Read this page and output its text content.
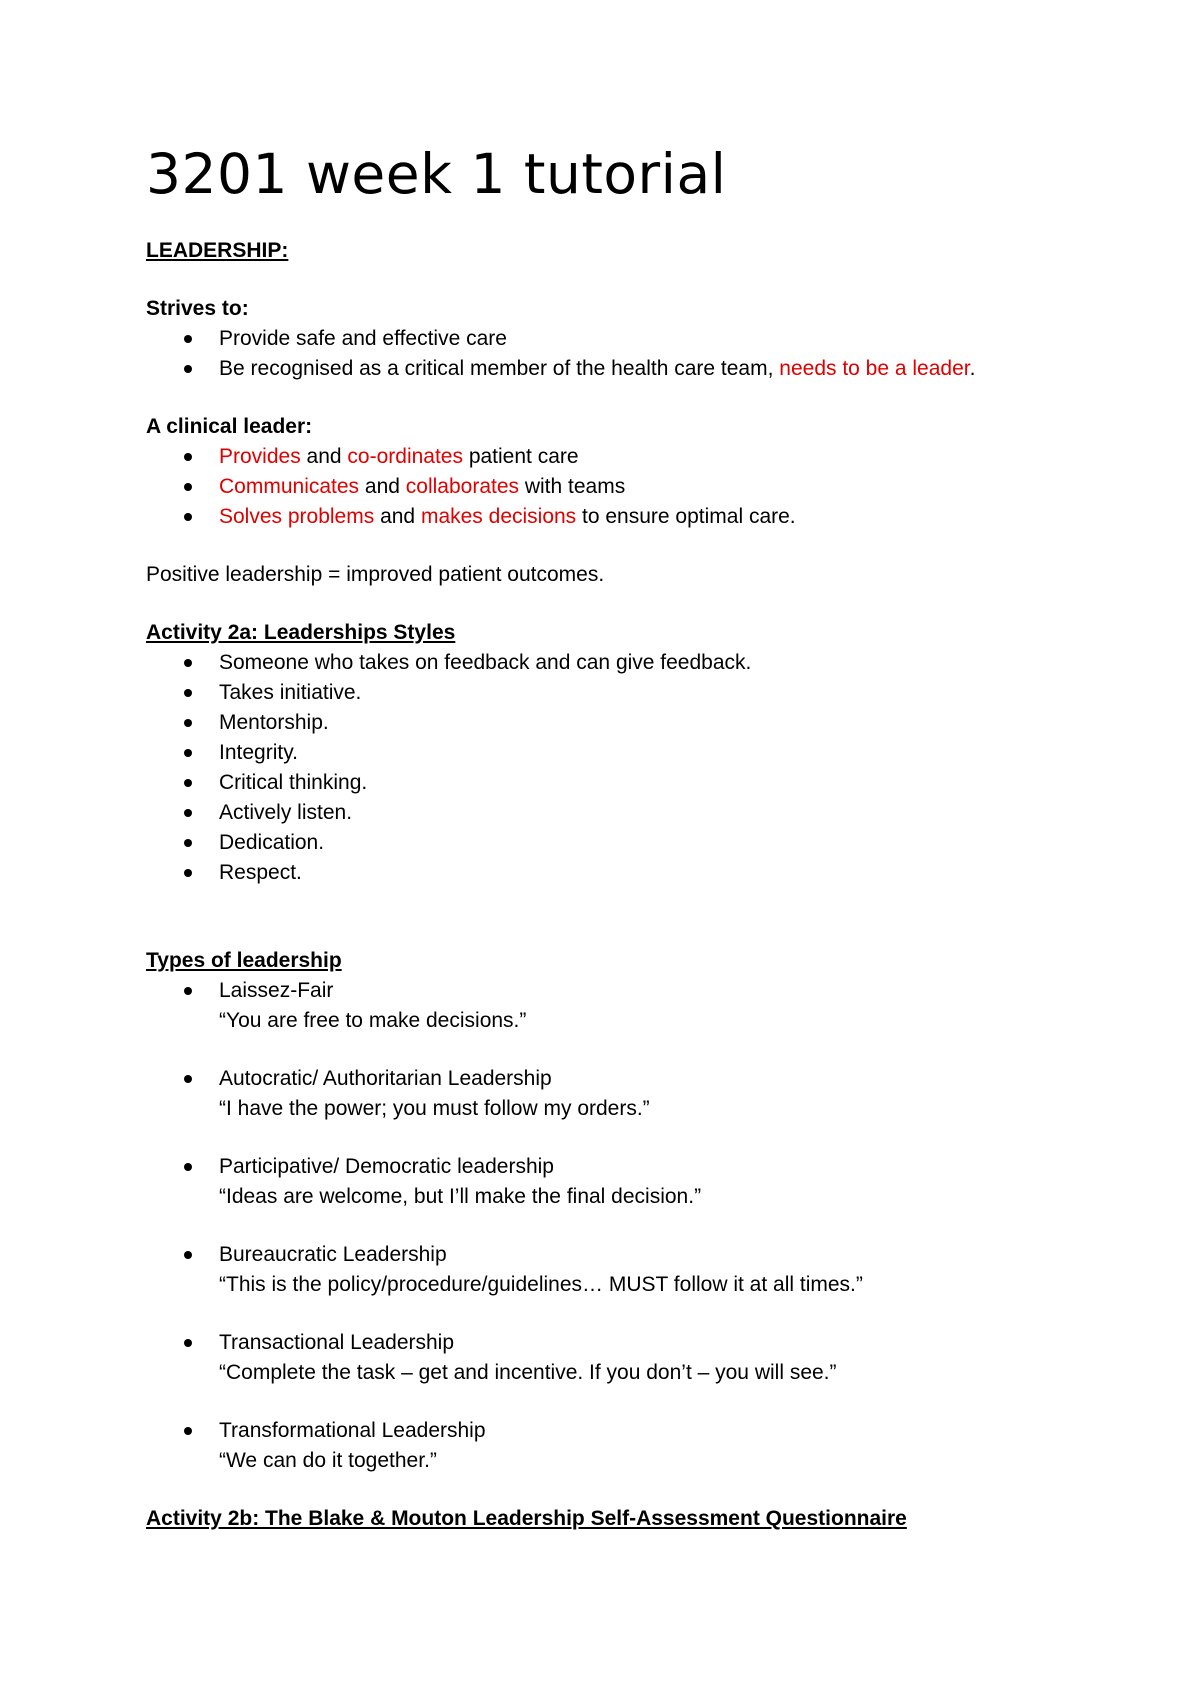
3201 week 1 tutorial
LEADERSHIP:
Strives to:
Provide safe and effective care
Be recognised as a critical member of the health care team, needs to be a leader.
A clinical leader:
Provides and co-ordinates patient care
Communicates and collaborates with teams
Solves problems and makes decisions to ensure optimal care.

Positive leadership = improved patient outcomes.

Activity 2a: Leaderships Styles
Someone who takes on feedback and can give feedback.
Takes initiative.
Mentorship.
Integrity.
Critical thinking.
Actively listen.
Dedication.
Respect.
Types of leadership
Laissez-Fair
“You are free to make decisions.”
Autocratic/ Authoritarian Leadership
“I have the power; you must follow my orders.”
Participative/ Democratic leadership
“Ideas are welcome, but I’ll make the final decision.”
Bureaucratic Leadership
“This is the policy/procedure/guidelines… MUST follow it at all times.”
Transactional Leadership
“Complete the task – get and incentive. If you don’t – you will see.”
Transformational Leadership
“We can do it together.”
Activity 2b: The Blake & Mouton Leadership Self-Assessment Questionnaire
